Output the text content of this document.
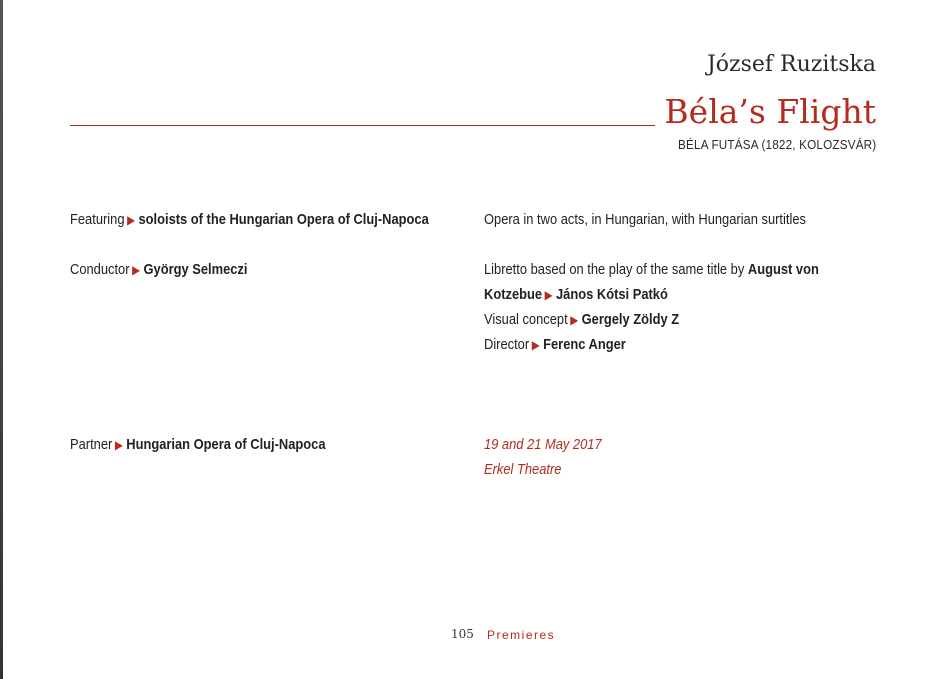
József Ruzitska
Béla’s Flight
BÉLA FUTÁSA (1822, KOLOZSVÁR)
Featuring ▶ soloists of the Hungarian Opera of Cluj-Napoca
Conductor ▶ György Selmeczi
Partner ▶ Hungarian Opera of Cluj-Napoca
Opera in two acts, in Hungarian, with Hungarian surtitles
Libretto based on the play of the same title by August von
Kotzebue ▶ János Kótsi Patkó
Visual concept ▶ Gergely Zöldy Z
Director ▶ Ferenc Anger
19 and 21 May 2017
Erkel Theatre
105 Premieres
